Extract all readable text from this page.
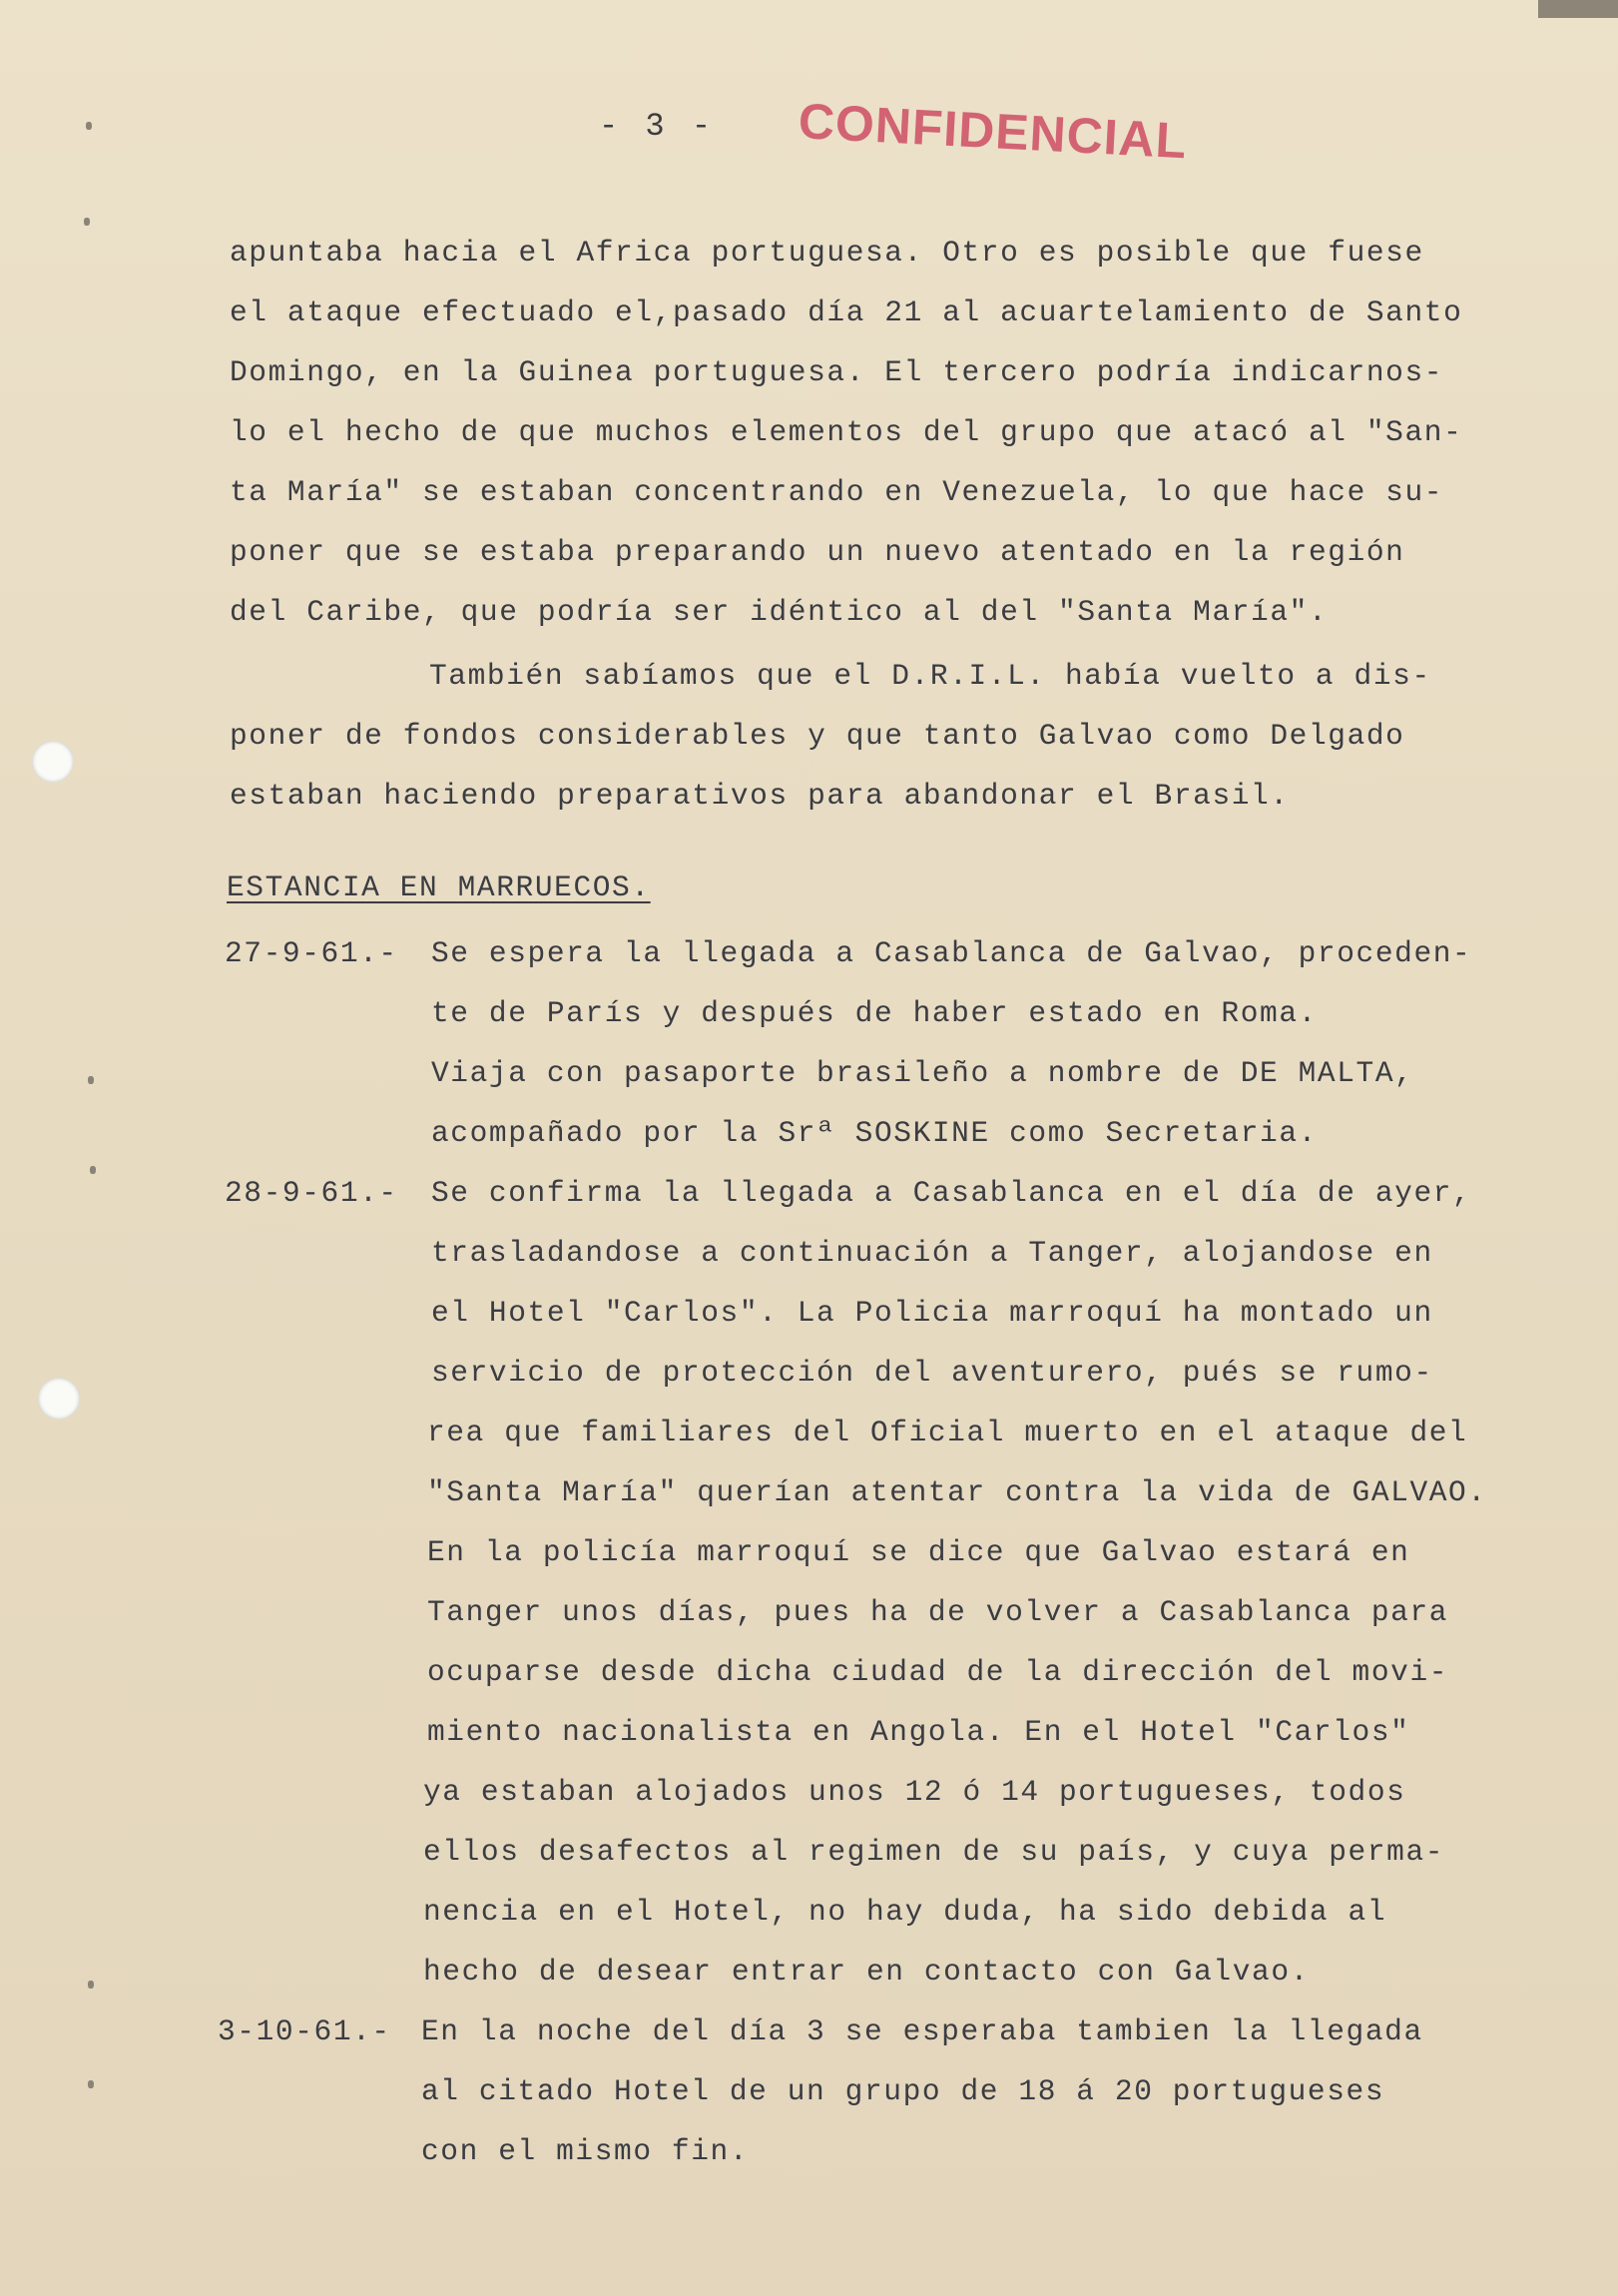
- 3 - CONFIDENCIAL
apuntaba hacia el Africa portuguesa. Otro es posible que fuese
el ataque efectuado el,pasado día 21 al acuartelamiento de Santo
Domingo, en la Guinea portuguesa. El tercero podría indicarnos-
lo el hecho de que muchos elementos del grupo que atacó al "San-
ta María" se estaban concentrando en Venezuela, lo que hace su-
poner que se estaba preparando un nuevo atentado en la región
del Caribe, que podría ser idéntico al del "Santa María".
También sabíamos que el D.R.I.L. había vuelto a dis-
poner de fondos considerables y que tanto Galvao como Delgado
estaban haciendo preparativos para abandonar el Brasil.
ESTANCIA EN MARRUECOS.
27-9-61.- Se espera la llegada a Casablanca de Galvao, proceden-
te de París y después de haber estado en Roma.
Viaja con pasaporte brasileño a nombre de DE MALTA,
acompañado por la Srª SOSKINE como Secretaria.
28-9-61.- Se confirma la llegada a Casablanca en el día de ayer,
trasladandose a continuación a Tanger, alojandose en
el Hotel "Carlos". La Policia marroquí ha montado un
servicio de protección del aventurero, pués se rumo-
rea que familiares del Oficial muerto en el ataque del
"Santa María" querían atentar contra la vida de GALVAO.
En la policía marroquí se dice que Galvao estará en
Tanger unos días, pues ha de volver a Casablanca para
ocuparse desde dicha ciudad de la dirección del movi-
miento nacionalista en Angola. En el Hotel "Carlos"
ya estaban alojados unos 12 ó 14 portugueses, todos
ellos desafectos al regimen de su país, y cuya perma-
nencia en el Hotel, no hay duda, ha sido debida al
hecho de desear entrar en contacto con Galvao.
3-10-61.- En la noche del día 3 se esperaba tambien la llegada
al citado Hotel de un grupo de 18 á 20 portugueses
con el mismo fin.
